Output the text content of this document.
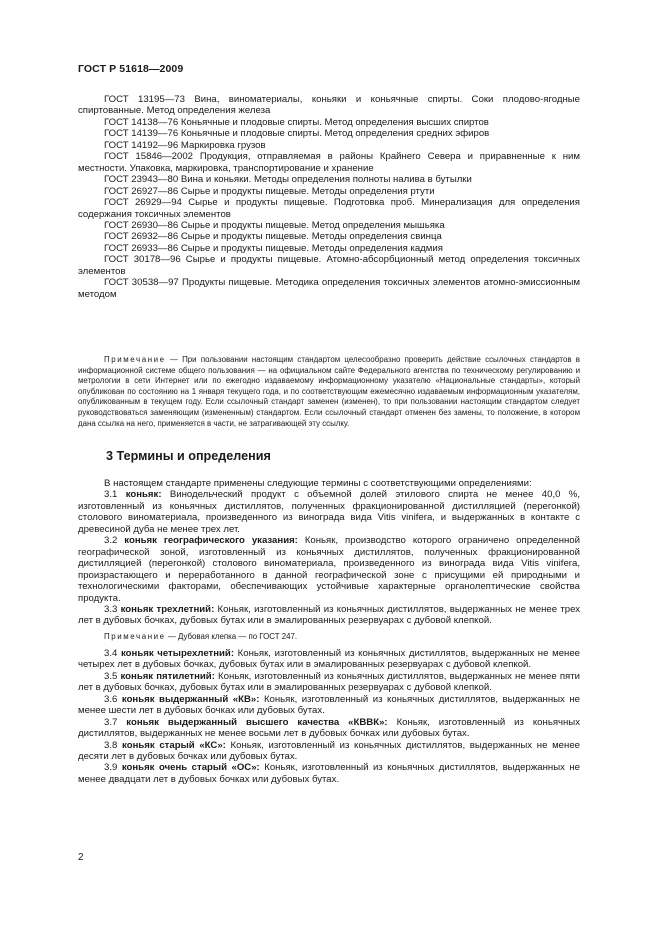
ГОСТ Р 51618—2009

ГОСТ 13195—73 Вина, виноматериалы, коньяки и коньячные спирты. Соки плодово-ягодные спиртованные. Метод определения железа

ГОСТ 14138—76 Коньячные и плодовые спирты. Метод определения высших спиртов

ГОСТ 14139—76 Коньячные и плодовые спирты. Метод определения средних эфиров

ГОСТ 14192—96 Маркировка грузов

ГОСТ 15846—2002 Продукция, отправляемая в районы Крайнего Севера и приравненные к ним местности. Упаковка, маркировка, транспортирование и хранение

ГОСТ 23943—80 Вина и коньяки. Методы определения полноты налива в бутылки

ГОСТ 26927—86 Сырье и продукты пищевые. Методы определения ртути

ГОСТ 26929—94 Сырье и продукты пищевые. Подготовка проб. Минерализация для определения содержания токсичных элементов

ГОСТ 26930—86 Сырье и продукты пищевые. Метод определения мышьяка

ГОСТ 26932—86 Сырье и продукты пищевые. Методы определения свинца

ГОСТ 26933—86 Сырье и продукты пищевые. Методы определения кадмия

ГОСТ 30178—96 Сырье и продукты пищевые. Атомно-абсорбционный метод определения токсичных элементов

ГОСТ 30538—97 Продукты пищевые. Методика определения токсичных элементов атомно-эмиссионным методом

Примечание — При пользовании настоящим стандартом целесообразно проверить действие ссылочных стандартов в информационной системе общего пользования — на официальном сайте Федерального агентства по техническому регулированию и метрологии в сети Интернет или по ежегодно издаваемому информационному указателю «Национальные стандарты», который опубликован по состоянию на 1 января текущего года, и по соответствующим ежемесячно издаваемым информационным указателям, опубликованным в текущем году. Если ссылочный стандарт заменен (изменен), то при пользовании настоящим стандартом следует руководствоваться заменяющим (измененным) стандартом. Если ссылочный стандарт отменен без замены, то положение, в котором дана ссылка на него, применяется в части, не затрагивающей эту ссылку.

3 Термины и определения

В настоящем стандарте применены следующие термины с соответствующими определениями:

3.1 коньяк: Винодельческий продукт с объемной долей этилового спирта не менее 40,0 %, изготовленный из коньячных дистиллятов, полученных фракционированной дистилляцией (перегонкой) столового виноматериала, произведенного из винограда вида Vitis vinifera, и выдержанных в контакте с древесиной дуба не менее трех лет.

3.2 коньяк географического указания: Коньяк, производство которого ограничено определенной географической зоной, изготовленный из коньячных дистиллятов, полученных фракционированной дистилляцией (перегонкой) столового виноматериала, произведенного из винограда вида Vitis vinifera, произрастающего и переработанного в данной географической зоне с присущими ей природными и технологическими факторами, обеспечивающих устойчивые характерные органолептические свойства продукта.

3.3 коньяк трехлетний: Коньяк, изготовленный из коньячных дистиллятов, выдержанных не менее трех лет в дубовых бочках, дубовых бутах или в эмалированных резервуарах с дубовой клепкой.

Примечание — Дубовая клепка — по ГОСТ 247.

3.4 коньяк четырехлетний: Коньяк, изготовленный из коньячных дистиллятов, выдержанных не менее четырех лет в дубовых бочках, дубовых бутах или в эмалированных резервуарах с дубовой клепкой.

3.5 коньяк пятилетний: Коньяк, изготовленный из коньячных дистиллятов, выдержанных не менее пяти лет в дубовых бочках, дубовых бутах или в эмалированных резервуарах с дубовой клепкой.

3.6 коньяк выдержанный «КВ»: Коньяк, изготовленный из коньячных дистиллятов, выдержанных не менее шести лет в дубовых бочках или дубовых бутах.

3.7 коньяк выдержанный высшего качества «КВВК»: Коньяк, изготовленный из коньячных дистиллятов, выдержанных не менее восьми лет в дубовых бочках или дубовых бутах.

3.8 коньяк старый «КС»: Коньяк, изготовленный из коньячных дистиллятов, выдержанных не менее десяти лет в дубовых бочках или дубовых бутах.

3.9 коньяк очень старый «ОС»: Коньяк, изготовленный из коньячных дистиллятов, выдержанных не менее двадцати лет в дубовых бочках или дубовых бутах.

2
